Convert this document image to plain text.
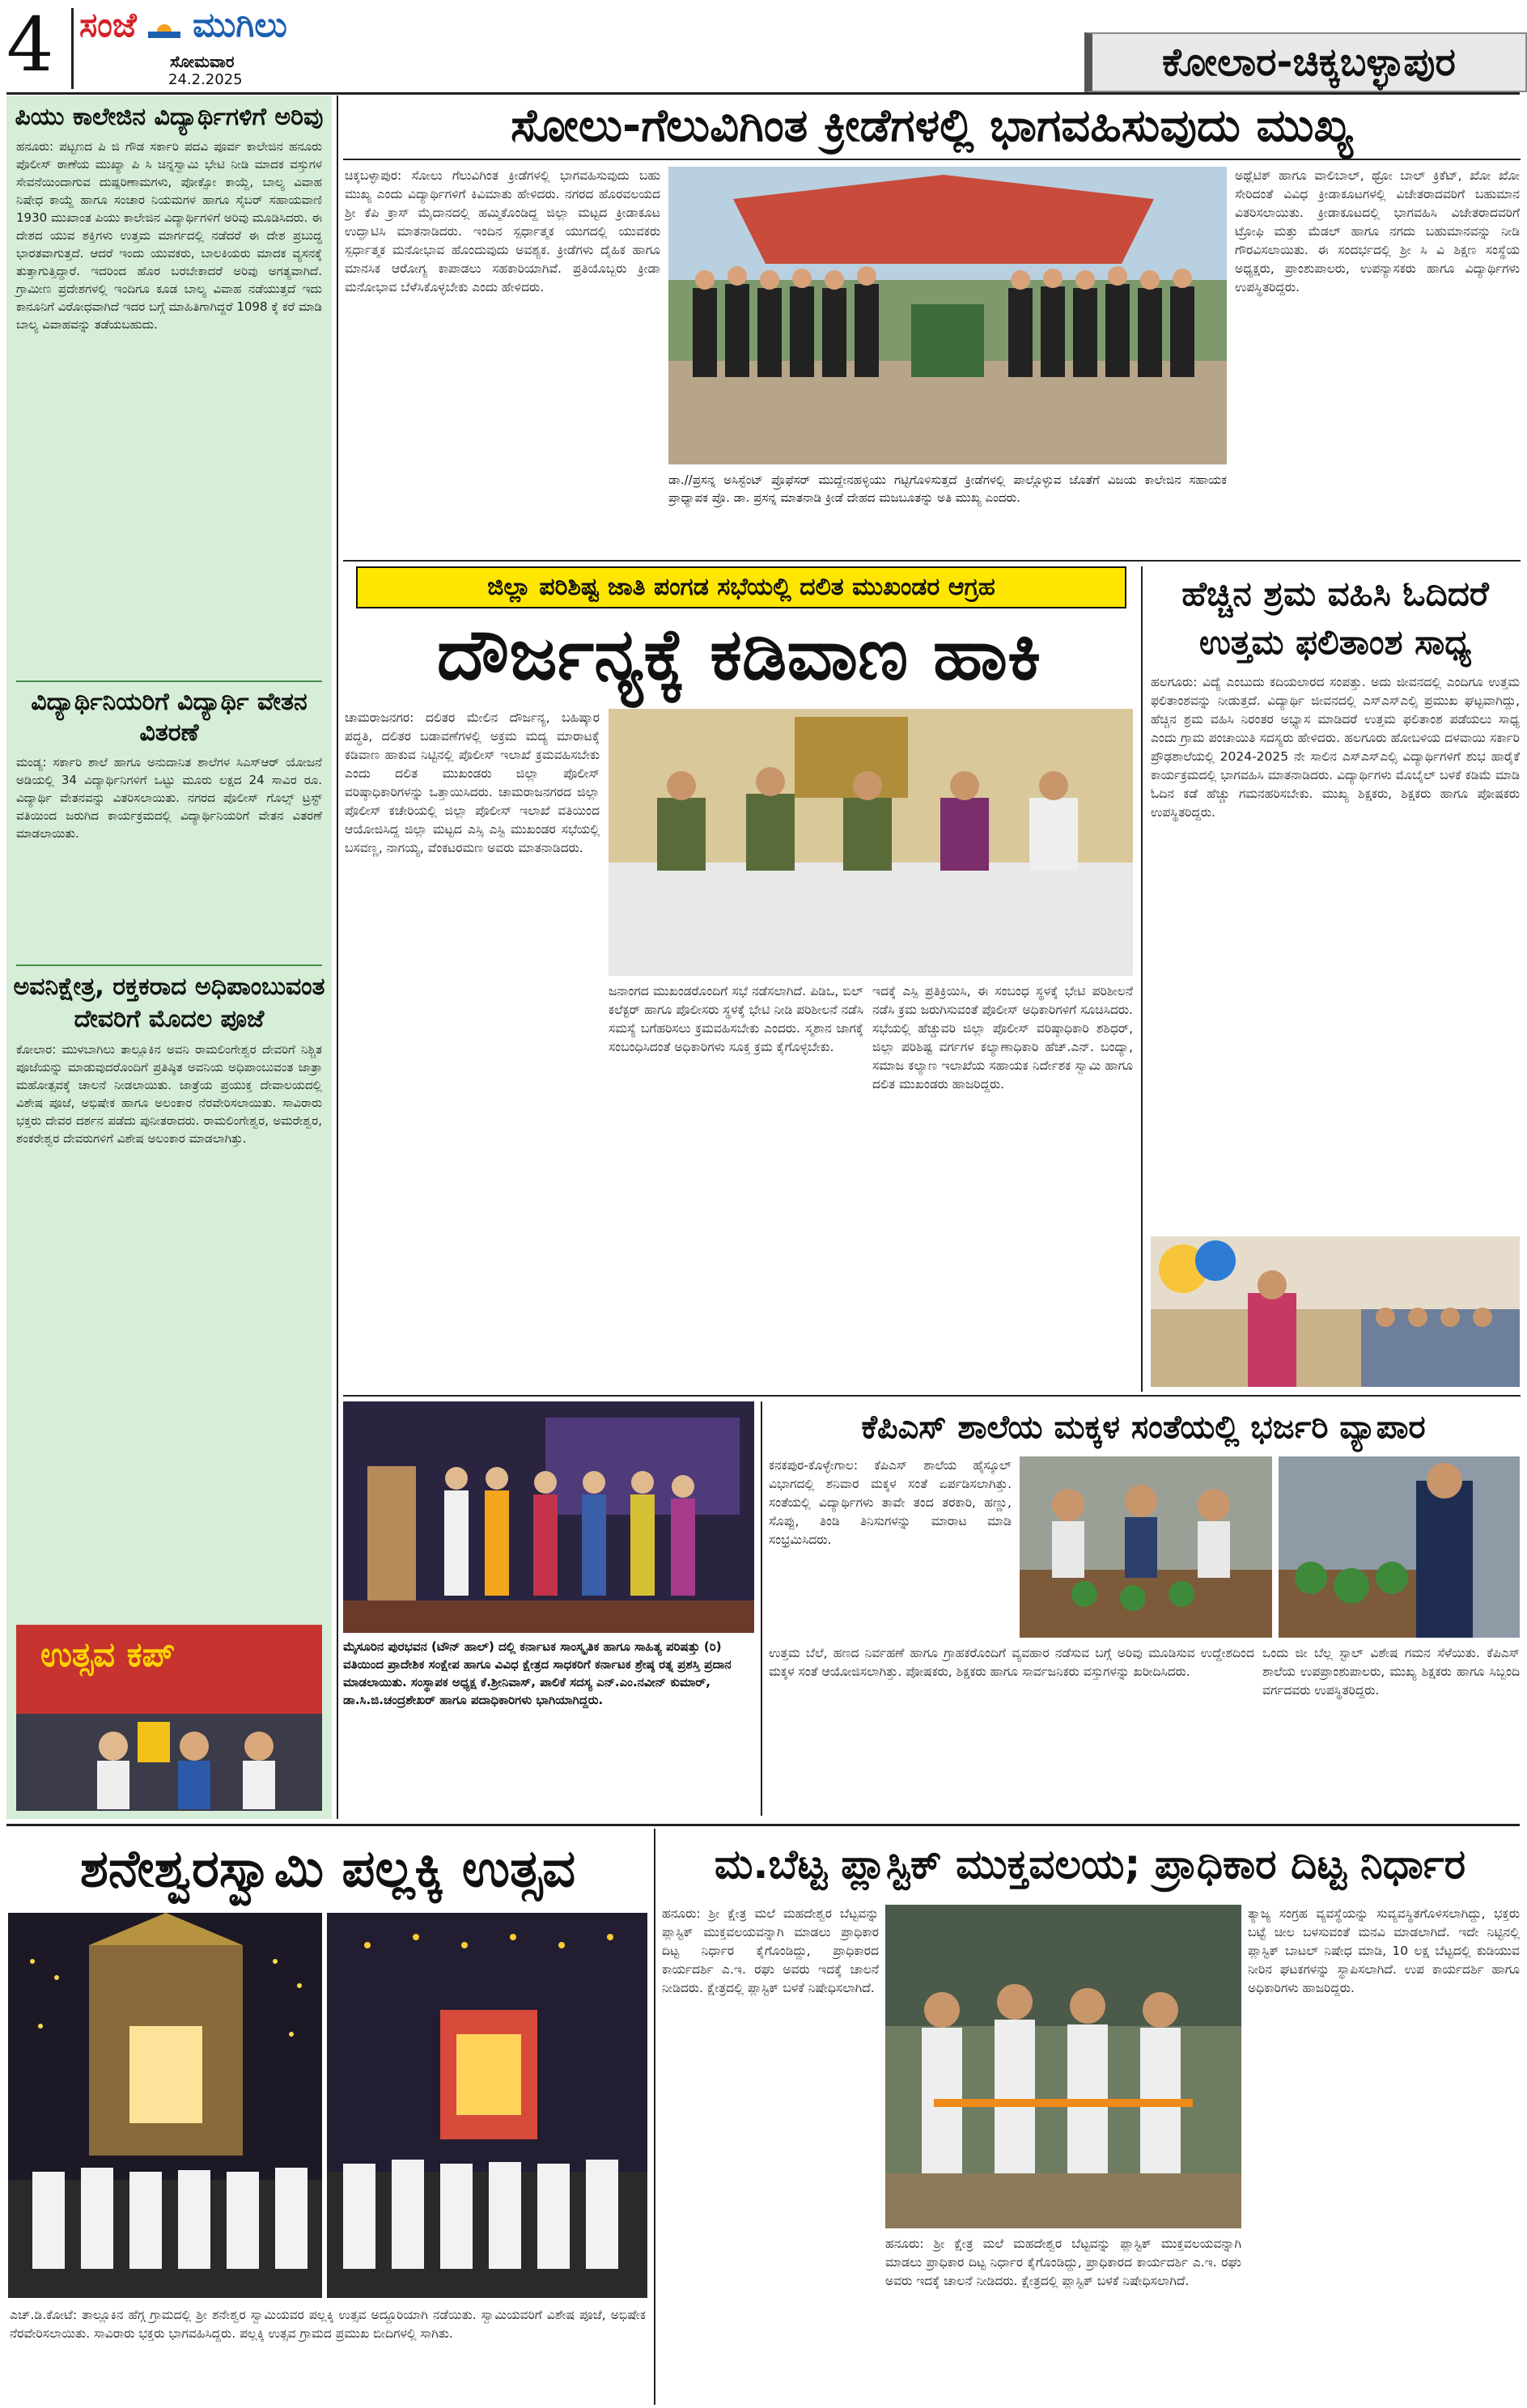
4 ಸಂಜೆ ಮುಗಿಲು
ಸೋಮವಾರ
24.2.2025	ಕೋಲಾರ-ಚಿಕ್ಕಬಳ್ಳಾಪುರ
ಪಿಯು ಕಾಲೇಜಿನ ವಿದ್ಯಾರ್ಥಿಗಳಿಗೆ ಅರಿವು
ಹನೂರು: ಪಟ್ಟಣದ ಪಿ ಜಿ ಗೌಡ ಸರ್ಕಾರಿ ಪದವಿ ಪೂರ್ವ ಕಾಲೇಜಿನ ಹನೂರು ಪೊಲೀಸ್ ಠಾಣೆಯ ಮುಖ್ಯಾ ಪಿ ಸಿ ಚಿನ್ನಸ್ವಾಮಿ ಭೇಟಿ ನೀಡಿ ಮಾದಕ ವಸ್ತುಗಳ ಸೇವನೆಯಿಂದಾಗುವ ದುಷ್ಪರಿಣಾಮಗಳು, ಪೋಕ್ಸೋ ಕಾಯ್ದೆ, ಬಾಲ್ಯ ವಿವಾಹ ನಿಷೇಧ ಕಾಯ್ದೆ ಹಾಗೂ ಸಂಚಾರ ನಿಯಮಗಳ ಹಾಗೂ ಸೈಬರ್ ಸಹಾಯವಾಣಿ 1930 ಮುಖಾಂತ ಪಿಯು ಕಾಲೇಜಿನ ವಿದ್ಯಾರ್ಥಿಗಳಿಗೆ ಅರಿವು ಮೂಡಿಸಿದರು. ಈ ದೇಶದ ಯುವ ಶಕ್ತಿಗಳು ಉತ್ತಮ ಮಾರ್ಗದಲ್ಲಿ ನಡೆದರೆ ಈ ದೇಶ ಪ್ರಬುದ್ಧ ಭಾರತವಾಗುತ್ತದೆ. ಆದರೆ ಇಂದು ಯುವಕರು, ಬಾಲಕಿಯರು ಮಾದಕ ವ್ಯಸನಕ್ಕೆ ತುತ್ತಾಗುತ್ತಿದ್ದಾರೆ. ಇದರಿಂದ ಹೊರ ಬರಬೇಕಾದರೆ ಅರಿವು ಅಗತ್ಯವಾಗಿದೆ. ಗ್ರಾಮೀಣ ಪ್ರದೇಶಗಳಲ್ಲಿ ಇಂದಿಗೂ ಕೂಡ ಬಾಲ್ಯ ವಿವಾಹ ನಡೆಯುತ್ತದೆ ಇದು ಕಾನೂನಿಗೆ ವಿರೋಧವಾಗಿದೆ ಇದರ ಬಗ್ಗೆ ಮಾಹಿತಿಗಾಗಿದ್ದರೆ 1098 ಕ್ಕೆ ಕರೆ ಮಾಡಿ ಬಾಲ್ಯ ವಿವಾಹವನ್ನು ತಡೆಯಬಹುದು.
ವಿದ್ಯಾರ್ಥಿನಿಯರಿಗೆ ವಿದ್ಯಾರ್ಥಿ ವೇತನ ವಿತರಣೆ
ಮಂಡ್ಯ: ಸರ್ಕಾರಿ ಶಾಲೆ ಹಾಗೂ ಅನುದಾನಿತ ಶಾಲೆಗಳ ಸಿಎಸ್ಆರ್ ಯೋಜನೆ ಅಡಿಯಲ್ಲಿ 34 ವಿದ್ಯಾರ್ಥಿನಿಗಳಿಗೆ ಒಟ್ಟು ಮೂರು ಲಕ್ಷದ 24 ಸಾವಿರ ರೂ. ವಿದ್ಯಾರ್ಥಿ ವೇತನವನ್ನು ವಿತರಿಸಲಾಯಿತು. ನಗರದ ಪೊಲೀಸ್ ಗೊಲ್ಸ್ ಟ್ರಸ್ಟ್ ವತಿಯಿಂದ ಜರುಗಿದ ಕಾರ್ಯಕ್ರಮದಲ್ಲಿ ವಿದ್ಯಾರ್ಥಿನಿಯರಿಗೆ ವೇತನ ವಿತರಣೆ ಮಾಡಲಾಯಿತು.
ಅವನಿಕ್ಷೇತ್ರ, ರಕ್ತಕರಾದ ಅಧಿಪಾಂಬುವಂತ ದೇವರಿಗೆ ಮೊದಲ ಪೂಜೆ
ಕೋಲಾರ: ಮುಳಬಾಗಿಲು ತಾಲ್ಲೂಕಿನ ಅವನಿ ರಾಮಲಿಂಗೇಶ್ವರ ದೇವರಿಗೆ ನಿಶ್ಚಿತ ಪೂಜೆಯನ್ನು ಮಾಡುವುದರೊಂದಿಗೆ ಪ್ರತಿಷ್ಠಿತ ಅವನಿಯ ಅಧಿಪಾಂಬುವಂತ ಜಾತ್ರಾ ಮಹೋತ್ಸವಕ್ಕೆ ಚಾಲನೆ ನೀಡಲಾಯಿತು. ಜಾತ್ರೆಯ ಪ್ರಯುಕ್ತ ದೇವಾಲಯದಲ್ಲಿ ವಿಶೇಷ ಪೂಜೆ, ಅಭಿಷೇಕ ಹಾಗೂ ಅಲಂಕಾರ ನೆರವೇರಿಸಲಾಯಿತು. ಸಾವಿರಾರು ಭಕ್ತರು ದೇವರ ದರ್ಶನ ಪಡೆದು ಪುನೀತರಾದರು. ರಾಮಲಿಂಗೇಶ್ವರ, ಅಮರೇಶ್ವರ, ಶಂಕರೇಶ್ವರ ದೇವರುಗಳಿಗೆ ವಿಶೇಷ ಅಲಂಕಾರ ಮಾಡಲಾಗಿತ್ತು.
ಉತ್ಸವ ಕಪ್
ಸೋಲು-ಗೆಲುವಿಗಿಂತ ಕ್ರೀಡೆಗಳಲ್ಲಿ ಭಾಗವಹಿಸುವುದು ಮುಖ್ಯ
ಚಿಕ್ಕಬಳ್ಳಾಪುರ: ಸೋಲು ಗೆಲುವಿಗಿಂತ ಕ್ರೀಡೆಗಳಲ್ಲಿ ಭಾಗವಹಿಸುವುದು ಬಹು ಮುಖ್ಯ ಎಂದು ವಿದ್ಯಾರ್ಥಿಗಳಿಗೆ ಕಿವಿಮಾತು ಹೇಳಿದರು. ನಗರದ ಹೊರವಲಯದ ಶ್ರೀ ಕೆಪಿ ಕ್ರಾಸ್ ಮೈದಾನದಲ್ಲಿ ಹಮ್ಮಿಕೊಂಡಿದ್ದ ಜಿಲ್ಲಾ ಮಟ್ಟದ ಕ್ರೀಡಾಕೂಟ ಉದ್ಘಾಟಿಸಿ ಮಾತನಾಡಿದರು. ಇಂದಿನ ಸ್ಪರ್ಧಾತ್ಮಕ ಯುಗದಲ್ಲಿ ಯುವಕರು ಸ್ಪರ್ಧಾತ್ಮಕ ಮನೋಭಾವ ಹೊಂದುವುದು ಅವಶ್ಯಕ. ಕ್ರೀಡೆಗಳು ದೈಹಿಕ ಹಾಗೂ ಮಾನಸಿಕ ಆರೋಗ್ಯ ಕಾಪಾಡಲು ಸಹಕಾರಿಯಾಗಿವೆ. ಪ್ರತಿಯೊಬ್ಬರು ಕ್ರೀಡಾ ಮನೋಭಾವ ಬೆಳೆಸಿಕೊಳ್ಳಬೇಕು ಎಂದು ಹೇಳಿದರು.
ಡಾ.//ಪ್ರಸನ್ನ ಅಸಿಸ್ಟೆಂಟ್ ಪ್ರೊಫೆಸರ್ ಮುದ್ದೇನಹಳ್ಳಿಯು ಗಟ್ಟಿಗೊಳಿಸುತ್ತದೆ ಕ್ರೀಡೆಗಳಲ್ಲಿ ಪಾಲ್ಗೊಳ್ಳುವ ಜೊತೆಗೆ ವಿಜಯ ಕಾಲೇಜಿನ ಸಹಾಯಕ ಪ್ರಾಧ್ಯಾಪಕ ಪ್ರೊ. ಡಾ. ಪ್ರಸನ್ನ ಮಾತನಾಡಿ ಕ್ರೀಡೆ ದೇಹದ ಮಜಬೂತನ್ನು ಅತಿ ಮುಖ್ಯ ಎಂದರು.
ಅಥ್ಲೆಟಿಕ್ ಹಾಗೂ ವಾಲಿಬಾಲ್, ಥ್ರೋ ಬಾಲ್ ಕ್ರಿಕೆಟ್, ಖೋ ಖೋ ಸೇರಿದಂತೆ ವಿವಿಧ ಕ್ರೀಡಾಕೂಟಗಳಲ್ಲಿ ವಿಜೇತರಾದವರಿಗೆ ಬಹುಮಾನ ವಿತರಿಸಲಾಯಿತು. ಕ್ರೀಡಾಕೂಟದಲ್ಲಿ ಭಾಗವಹಿಸಿ ವಿಜೇತರಾದವರಿಗೆ ಟ್ರೋಫಿ ಮತ್ತು ಮೆಡಲ್ ಹಾಗೂ ನಗದು ಬಹುಮಾನವನ್ನು ನೀಡಿ ಗೌರವಿಸಲಾಯಿತು. ಈ ಸಂದರ್ಭದಲ್ಲಿ ಶ್ರೀ ಸಿ ವಿ ಶಿಕ್ಷಣ ಸಂಸ್ಥೆಯ ಅಧ್ಯಕ್ಷರು, ಪ್ರಾಂಶುಪಾಲರು, ಉಪನ್ಯಾಸಕರು ಹಾಗೂ ವಿದ್ಯಾರ್ಥಿಗಳು ಉಪಸ್ಥಿತರಿದ್ದರು.
ಜಿಲ್ಲಾ ಪರಿಶಿಷ್ಟ ಜಾತಿ ಪಂಗಡ ಸಭೆಯಲ್ಲಿ ದಲಿತ ಮುಖಂಡರ ಆಗ್ರಹ
ದೌರ್ಜನ್ಯಕ್ಕೆ ಕಡಿವಾಣ ಹಾಕಿ
ಚಾಮರಾಜನಗರ: ದಲಿತರ ಮೇಲಿನ ದೌರ್ಜನ್ಯ, ಬಹಿಷ್ಕಾರ ಪದ್ಧತಿ, ದಲಿತರ ಬಡಾವಣೆಗಳಲ್ಲಿ ಅಕ್ರಮ ಮದ್ಯ ಮಾರಾಟಕ್ಕೆ ಕಡಿವಾಣ ಹಾಕುವ ನಿಟ್ಟಿನಲ್ಲಿ ಪೊಲೀಸ್ ಇಲಾಖೆ ಕ್ರಮವಹಿಸಬೇಕು ಎಂದು ದಲಿತ ಮುಖಂಡರು ಜಿಲ್ಲಾ ಪೊಲೀಸ್ ವರಿಷ್ಠಾಧಿಕಾರಿಗಳನ್ನು ಒತ್ತಾಯಿಸಿದರು. ಚಾಮರಾಜನಗರದ ಜಿಲ್ಲಾ ಪೊಲೀಸ್ ಕಚೇರಿಯಲ್ಲಿ ಜಿಲ್ಲಾ ಪೊಲೀಸ್ ಇಲಾಖೆ ವತಿಯಿಂದ ಆಯೋಜಿಸಿದ್ದ ಜಿಲ್ಲಾ ಮಟ್ಟದ ಎಸ್ಸಿ ಎಸ್ಟಿ ಮುಖಂಡರ ಸಭೆಯಲ್ಲಿ ಬಸವಣ್ಣ, ನಾಗಯ್ಯ, ವೆಂಕಟರಮಣ ಅವರು ಮಾತನಾಡಿದರು.
ಜನಾಂಗದ ಮುಖಂಡರೊಂದಿಗೆ ಸಭೆ ನಡೆಸಲಾಗಿದೆ. ಪಿಡಿಒ, ಬಿಲ್ ಕಲೆಕ್ಟರ್ ಹಾಗೂ ಪೊಲೀಸರು ಸ್ಥಳಕ್ಕೆ ಭೇಟಿ ನೀಡಿ ಪರಿಶೀಲನೆ ನಡೆಸಿ ಸಮಸ್ಯೆ ಬಗೆಹರಿಸಲು ಕ್ರಮವಹಿಸಬೇಕು ಎಂದರು. ಸ್ಮಶಾನ ಜಾಗಕ್ಕೆ ಸಂಬಂಧಿಸಿದಂತೆ ಅಧಿಕಾರಿಗಳು ಸೂಕ್ತ ಕ್ರಮ ಕೈಗೊಳ್ಳಬೇಕು.
ಇದಕ್ಕೆ ಎಸ್ಪಿ ಪ್ರತಿಕ್ರಿಯಿಸಿ, ಈ ಸಂಬಂಧ ಸ್ಥಳಕ್ಕೆ ಭೇಟಿ ಪರಿಶೀಲನೆ ನಡೆಸಿ ಕ್ರಮ ಜರುಗಿಸುವಂತೆ ಪೊಲೀಸ್ ಅಧಿಕಾರಿಗಳಿಗೆ ಸೂಚಿಸಿದರು. ಸಭೆಯಲ್ಲಿ ಹೆಚ್ಚುವರಿ ಜಿಲ್ಲಾ ಪೊಲೀಸ್ ವರಿಷ್ಠಾಧಿಕಾರಿ ಶಶಿಧರ್, ಜಿಲ್ಲಾ ಪರಿಶಿಷ್ಟ ವರ್ಗಗಳ ಕಲ್ಯಾಣಾಧಿಕಾರಿ ಹೆಚ್.ಎನ್. ಬಂದ್ಯಾ, ಸಮಾಜ ಕಲ್ಯಾಣ ಇಲಾಖೆಯ ಸಹಾಯಕ ನಿರ್ದೇಶಕ ಸ್ವಾಮಿ ಹಾಗೂ ದಲಿತ ಮುಖಂಡರು ಹಾಜರಿದ್ದರು.
ಹೆಚ್ಚಿನ ಶ್ರಮ ವಹಿಸಿ ಓದಿದರೆ ಉತ್ತಮ ಫಲಿತಾಂಶ ಸಾಧ್ಯ
ಹಲಗೂರು: ವಿದ್ಯೆ ಎಂಬುದು ಕದಿಯಲಾರದ ಸಂಪತ್ತು. ಅದು ಜೀವನದಲ್ಲಿ ಎಂದಿಗೂ ಉತ್ತಮ ಫಲಿತಾಂಶವನ್ನು ನೀಡುತ್ತದೆ. ವಿದ್ಯಾರ್ಥಿ ಜೀವನದಲ್ಲಿ ಎಸ್ಎಸ್ಎಲ್ಸಿ ಪ್ರಮುಖ ಘಟ್ಟವಾಗಿದ್ದು, ಹೆಚ್ಚಿನ ಶ್ರಮ ವಹಿಸಿ ನಿರಂತರ ಅಭ್ಯಾಸ ಮಾಡಿದರೆ ಉತ್ತಮ ಫಲಿತಾಂಶ ಪಡೆಯಲು ಸಾಧ್ಯ ಎಂದು ಗ್ರಾಮ ಪಂಚಾಯಿತಿ ಸದಸ್ಯರು ಹೇಳಿದರು. ಹಲಗೂರು ಹೋಬಳಿಯ ದಳವಾಯಿ ಸರ್ಕಾರಿ ಪ್ರೌಢಶಾಲೆಯಲ್ಲಿ 2024-2025 ನೇ ಸಾಲಿನ ಎಸ್ಎಸ್ಎಲ್ಸಿ ವಿದ್ಯಾರ್ಥಿಗಳಿಗೆ ಶುಭ ಹಾರೈಕೆ ಕಾರ್ಯಕ್ರಮದಲ್ಲಿ ಭಾಗವಹಿಸಿ ಮಾತನಾಡಿದರು. ವಿದ್ಯಾರ್ಥಿಗಳು ಮೊಬೈಲ್ ಬಳಕೆ ಕಡಿಮೆ ಮಾಡಿ ಓದಿನ ಕಡೆ ಹೆಚ್ಚು ಗಮನಹರಿಸಬೇಕು. ಮುಖ್ಯ ಶಿಕ್ಷಕರು, ಶಿಕ್ಷಕರು ಹಾಗೂ ಪೋಷಕರು ಉಪಸ್ಥಿತರಿದ್ದರು.
ಮೈಸೂರಿನ ಪುರಭವನ (ಟೌನ್ ಹಾಲ್) ದಲ್ಲಿ ಕರ್ನಾಟಕ ಸಾಂಸ್ಕೃತಿಕ ಹಾಗೂ ಸಾಹಿತ್ಯ ಪರಿಷತ್ತು (ರಿ) ವತಿಯಿಂದ ಪ್ರಾದೇಶಿಕ ಸಂಕ್ಷೇಪ ಹಾಗೂ ವಿವಿಧ ಕ್ಷೇತ್ರದ ಸಾಧಕರಿಗೆ ಕರ್ನಾಟಕ ಶ್ರೇಷ್ಠ ರತ್ನ ಪ್ರಶಸ್ತಿ ಪ್ರದಾನ ಮಾಡಲಾಯಿತು. ಸಂಸ್ಥಾಪಕ ಅಧ್ಯಕ್ಷ ಕೆ.ಶ್ರೀನಿವಾಸ್, ಪಾಲಿಕೆ ಸದಸ್ಯ ಎನ್.ಎಂ.ನವೀನ್ ಕುಮಾರ್, ಡಾ.ಸಿ.ಜಿ.ಚಂದ್ರಶೇಖರ್ ಹಾಗೂ ಪದಾಧಿಕಾರಿಗಳು ಭಾಗಿಯಾಗಿದ್ದರು.
ಕೆಪಿಎಸ್ ಶಾಲೆಯ ಮಕ್ಕಳ ಸಂತೆಯಲ್ಲಿ ಭರ್ಜರಿ ವ್ಯಾಪಾರ
ಕನಕಪುರ-ಕೊಳ್ಳೇಗಾಲ: ಕೆಪಿಎಸ್ ಶಾಲೆಯ ಹೈಸ್ಕೂಲ್ ವಿಭಾಗದಲ್ಲಿ ಶನಿವಾರ ಮಕ್ಕಳ ಸಂತೆ ಏರ್ಪಡಿಸಲಾಗಿತ್ತು. ಸಂತೆಯಲ್ಲಿ ವಿದ್ಯಾರ್ಥಿಗಳು ತಾವೇ ತಂದ ತರಕಾರಿ, ಹಣ್ಣು, ಸೊಪ್ಪು, ತಿಂಡಿ ತಿನಿಸುಗಳನ್ನು ಮಾರಾಟ ಮಾಡಿ ಸಂಭ್ರಮಿಸಿದರು.
ಉತ್ತಮ ಬೆಲೆ, ಹಣದ ನಿರ್ವಹಣೆ ಹಾಗೂ ಗ್ರಾಹಕರೊಂದಿಗೆ ವ್ಯವಹಾರ ನಡೆಸುವ ಬಗ್ಗೆ ಅರಿವು ಮೂಡಿಸುವ ಉದ್ದೇಶದಿಂದ ಮಕ್ಕಳ ಸಂತೆ ಆಯೋಜಿಸಲಾಗಿತ್ತು. ಪೋಷಕರು, ಶಿಕ್ಷಕರು ಹಾಗೂ ಸಾರ್ವಜನಿಕರು ವಸ್ತುಗಳನ್ನು ಖರೀದಿಸಿದರು.
ಒಂದು ಜೀ ಬೆಲ್ಲ ಸ್ಟಾಲ್ ವಿಶೇಷ ಗಮನ ಸೆಳೆಯಿತು. ಕೆಪಿಎಸ್ ಶಾಲೆಯ ಉಪಪ್ರಾಂಶುಪಾಲರು, ಮುಖ್ಯ ಶಿಕ್ಷಕರು ಹಾಗೂ ಸಿಬ್ಬಂದಿ ವರ್ಗದವರು ಉಪಸ್ಥಿತರಿದ್ದರು.
ಶನೇಶ್ವರಸ್ವಾಮಿ ಪಲ್ಲಕ್ಕಿ ಉತ್ಸವ
ಎಚ್.ಡಿ.ಕೋಟೆ: ತಾಲ್ಲೂಕಿನ ಹೆಗ್ಗ ಗ್ರಾಮದಲ್ಲಿ ಶ್ರೀ ಶನೇಶ್ವರ ಸ್ವಾಮಿಯವರ ಪಲ್ಲಕ್ಕಿ ಉತ್ಸವ ಅದ್ದೂರಿಯಾಗಿ ನಡೆಯಿತು. ಸ್ವಾಮಿಯವರಿಗೆ ವಿಶೇಷ ಪೂಜೆ, ಅಭಿಷೇಕ ನೆರವೇರಿಸಲಾಯಿತು. ಸಾವಿರಾರು ಭಕ್ತರು ಭಾಗವಹಿಸಿದ್ದರು. ಪಲ್ಲಕ್ಕಿ ಉತ್ಸವ ಗ್ರಾಮದ ಪ್ರಮುಖ ಬೀದಿಗಳಲ್ಲಿ ಸಾಗಿತು.
ಮ.ಬೆಟ್ಟ ಪ್ಲಾಸ್ಟಿಕ್ ಮುಕ್ತವಲಯ; ಪ್ರಾಧಿಕಾರ ದಿಟ್ಟ ನಿರ್ಧಾರ
ಹನೂರು: ಶ್ರೀ ಕ್ಷೇತ್ರ ಮಲೆ ಮಹದೇಶ್ವರ ಬೆಟ್ಟವನ್ನು ಪ್ಲಾಸ್ಟಿಕ್ ಮುಕ್ತವಲಯವನ್ನಾಗಿ ಮಾಡಲು ಪ್ರಾಧಿಕಾರ ದಿಟ್ಟ ನಿರ್ಧಾರ ಕೈಗೊಂಡಿದ್ದು, ಪ್ರಾಧಿಕಾರದ ಕಾರ್ಯದರ್ಶಿ ಎ.ಇ. ರಘು ಅವರು ಇದಕ್ಕೆ ಚಾಲನೆ ನೀಡಿದರು. ಕ್ಷೇತ್ರದಲ್ಲಿ ಪ್ಲಾಸ್ಟಿಕ್ ಬಳಕೆ ನಿಷೇಧಿಸಲಾಗಿದೆ.
ಹನೂರು: ಶ್ರೀ ಕ್ಷೇತ್ರ ಮಲೆ ಮಹದೇಶ್ವರ ಬೆಟ್ಟವನ್ನು ಪ್ಲಾಸ್ಟಿಕ್ ಮುಕ್ತವಲಯವನ್ನಾಗಿ ಮಾಡಲು ಪ್ರಾಧಿಕಾರ ದಿಟ್ಟ ನಿರ್ಧಾರ ಕೈಗೊಂಡಿದ್ದು, ಪ್ರಾಧಿಕಾರದ ಕಾರ್ಯದರ್ಶಿ ಎ.ಇ. ರಘು ಅವರು ಇದಕ್ಕೆ ಚಾಲನೆ ನೀಡಿದರು. ಕ್ಷೇತ್ರದಲ್ಲಿ ಪ್ಲಾಸ್ಟಿಕ್ ಬಳಕೆ ನಿಷೇಧಿಸಲಾಗಿದೆ.
ತ್ಯಾಜ್ಯ ಸಂಗ್ರಹ ವ್ಯವಸ್ಥೆಯನ್ನು ಸುವ್ಯವಸ್ಥಿತಗೊಳಿಸಲಾಗಿದ್ದು, ಭಕ್ತರು ಬಟ್ಟೆ ಚೀಲ ಬಳಸುವಂತೆ ಮನವಿ ಮಾಡಲಾಗಿದೆ. ಇದೇ ನಿಟ್ಟಿನಲ್ಲಿ ಪ್ಲಾಸ್ಟಿಕ್ ಬಾಟಲ್ ನಿಷೇಧ ಮಾಡಿ, 10 ಲಕ್ಷ ಬೆಟ್ಟದಲ್ಲಿ ಕುಡಿಯುವ ನೀರಿನ ಘಟಕಗಳನ್ನು ಸ್ಥಾಪಿಸಲಾಗಿದೆ. ಉಪ ಕಾರ್ಯದರ್ಶಿ ಹಾಗೂ ಅಧಿಕಾರಿಗಳು ಹಾಜರಿದ್ದರು.
